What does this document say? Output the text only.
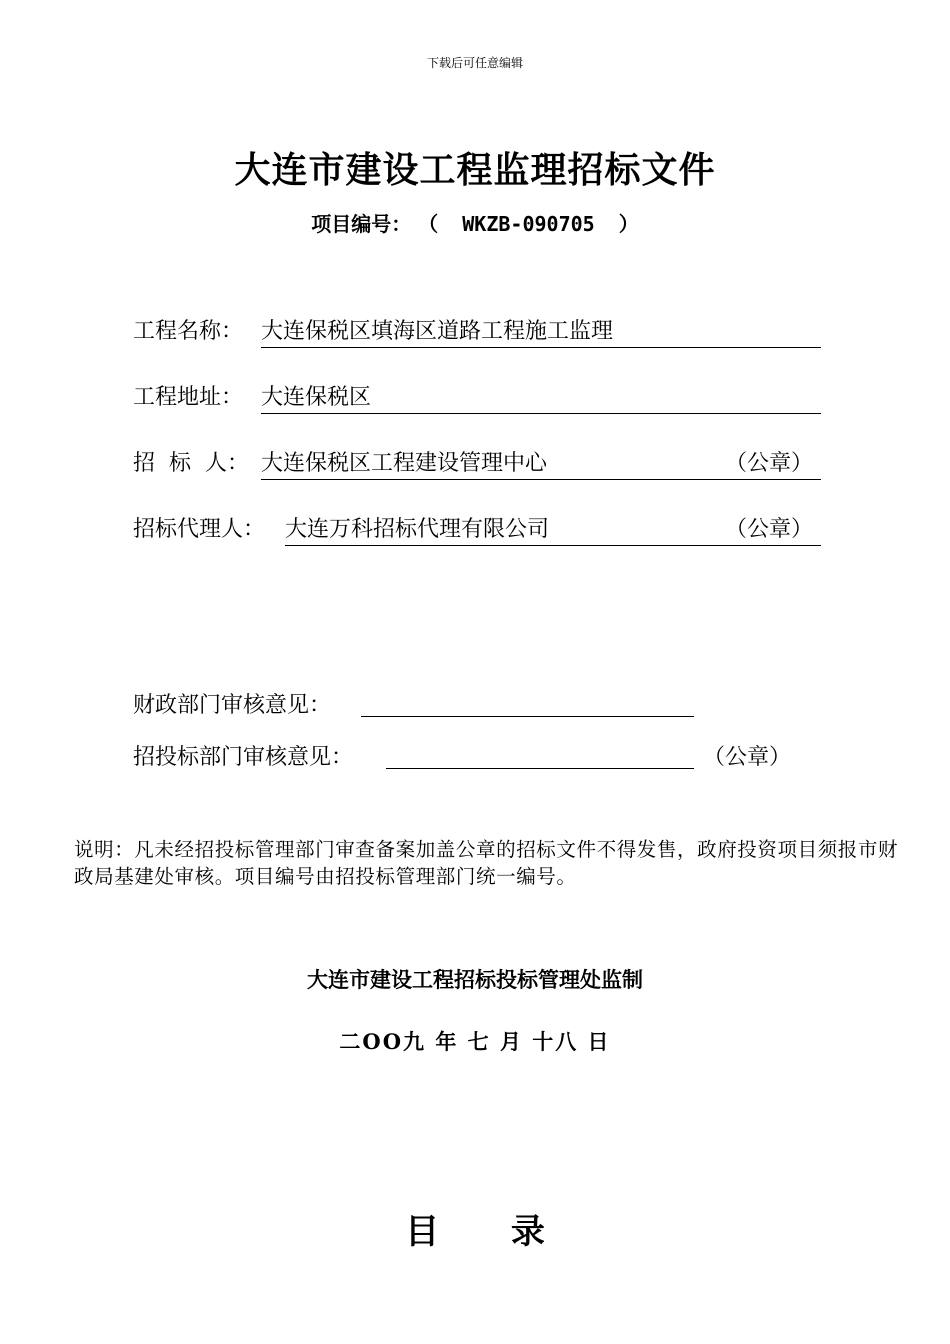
下载后可任意编辑
大连市建设工程监理招标文件
项目编号： （  WKZB-090705  ）
工程名称： 大连保税区填海区道路工程施工监理
工程地址： 大连保税区
招  标  人： 大连保税区工程建设管理中心	（公章）
招标代理人： 大连万科招标代理有限公司	（公章）
财政部门审核意见：
招投标部门审核意见：	（公章）
说明：凡未经招投标管理部门审查备案加盖公章的招标文件不得发售，政府投资项目须报市财政局基建处审核。项目编号由招投标管理部门统一编号。
大连市建设工程招标投标管理处监制
二OO九 年 七 月 十八 日
目 录
